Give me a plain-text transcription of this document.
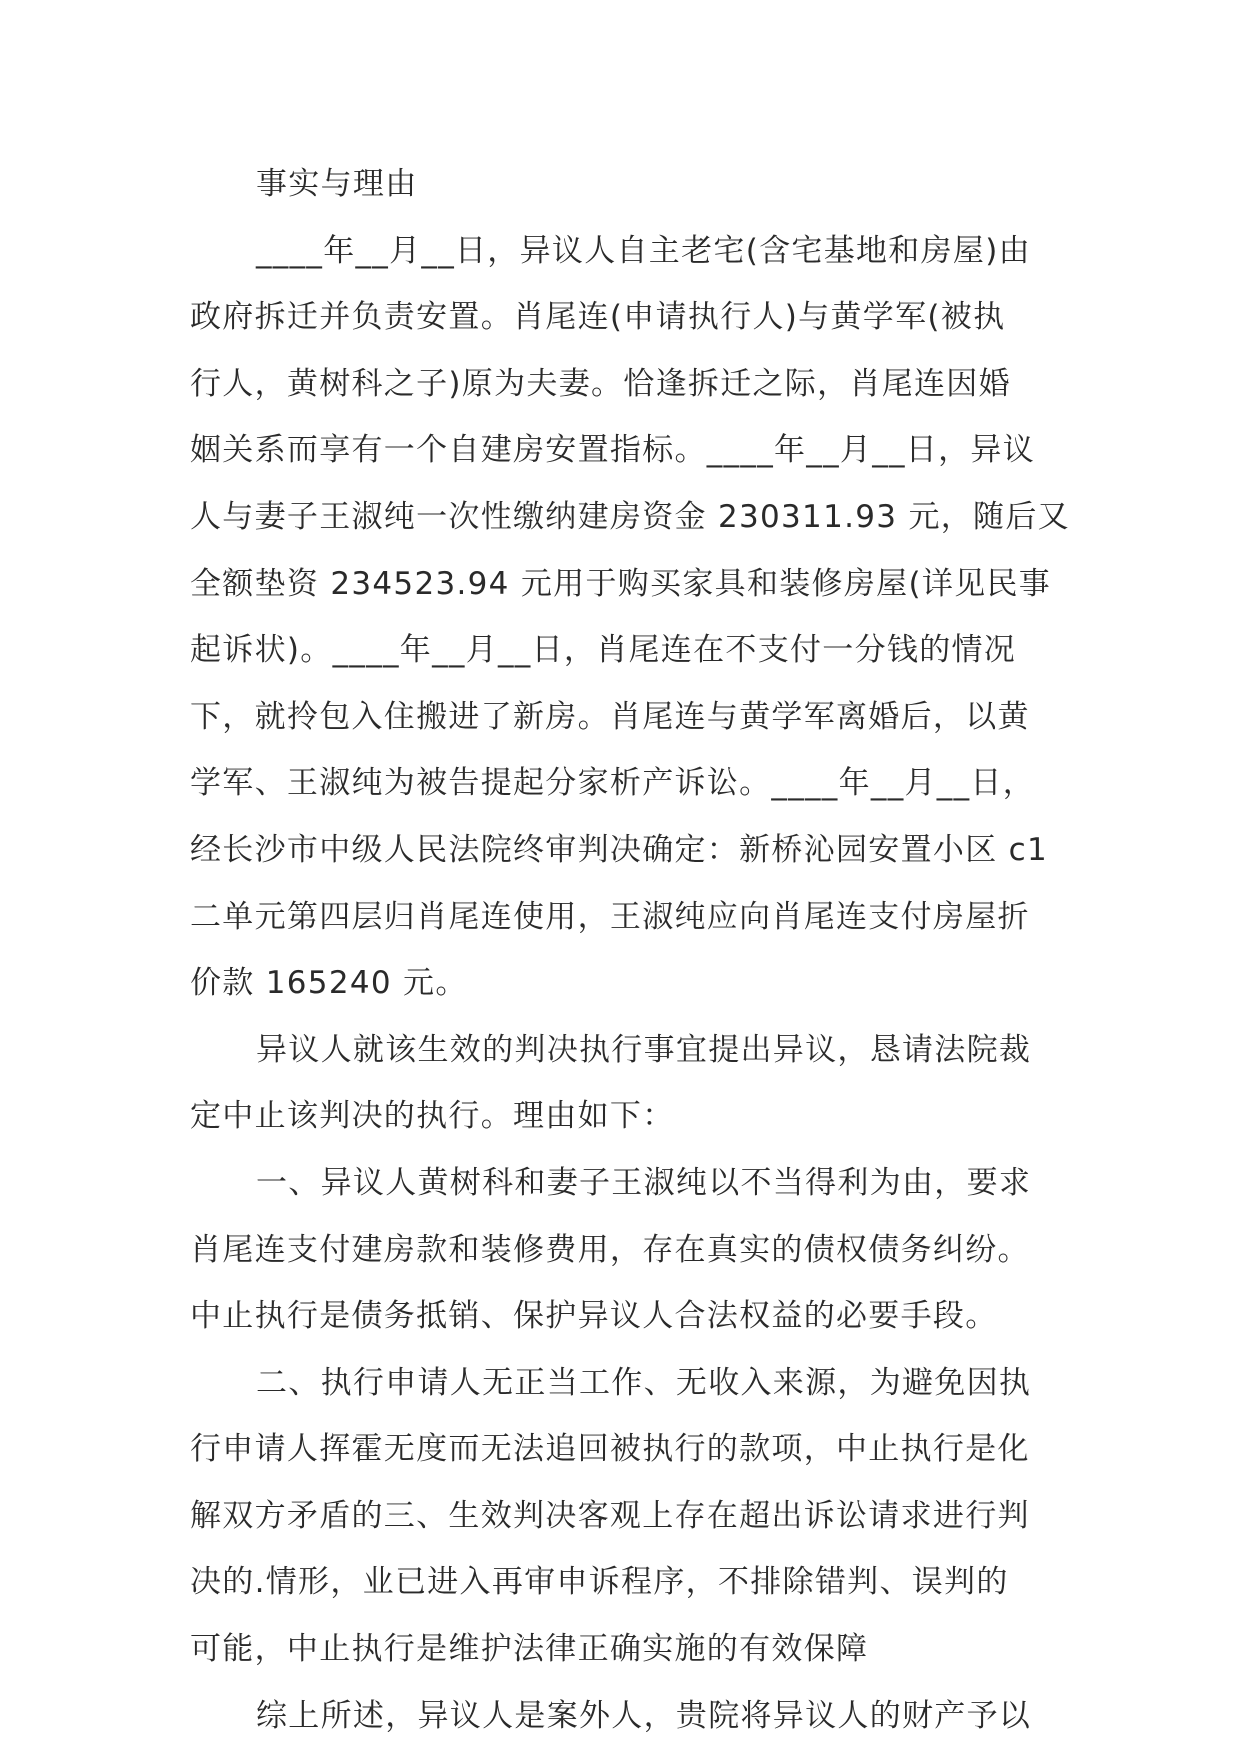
事实与理由
____年__月__日，异议人自主老宅(含宅基地和房屋)由
政府拆迁并负责安置。肖尾连(申请执行人)与黄学军(被执
行人，黄树科之子)原为夫妻。恰逢拆迁之际，肖尾连因婚
姻关系而享有一个自建房安置指标。____年__月__日，异议
人与妻子王淑纯一次性缴纳建房资金 230311.93 元，随后又
全额垫资 234523.94 元用于购买家具和装修房屋(详见民事
起诉状)。____年__月__日，肖尾连在不支付一分钱的情况
下，就拎包入住搬进了新房。肖尾连与黄学军离婚后，以黄
学军、王淑纯为被告提起分家析产诉讼。____年__月__日，
经长沙市中级人民法院终审判决确定：新桥沁园安置小区 c1
二单元第四层归肖尾连使用，王淑纯应向肖尾连支付房屋折
价款 165240 元。
异议人就该生效的判决执行事宜提出异议，恳请法院裁
定中止该判决的执行。理由如下：
一、异议人黄树科和妻子王淑纯以不当得利为由，要求
肖尾连支付建房款和装修费用，存在真实的债权债务纠纷。
中止执行是债务抵销、保护异议人合法权益的必要手段。
二、执行申请人无正当工作、无收入来源，为避免因执
行申请人挥霍无度而无法追回被执行的款项，中止执行是化
解双方矛盾的三、生效判决客观上存在超出诉讼请求进行判
决的.情形，业已进入再审申诉程序，不排除错判、误判的
可能，中止执行是维护法律正确实施的有效保障
综上所述，异议人是案外人，贵院将异议人的财产予以
